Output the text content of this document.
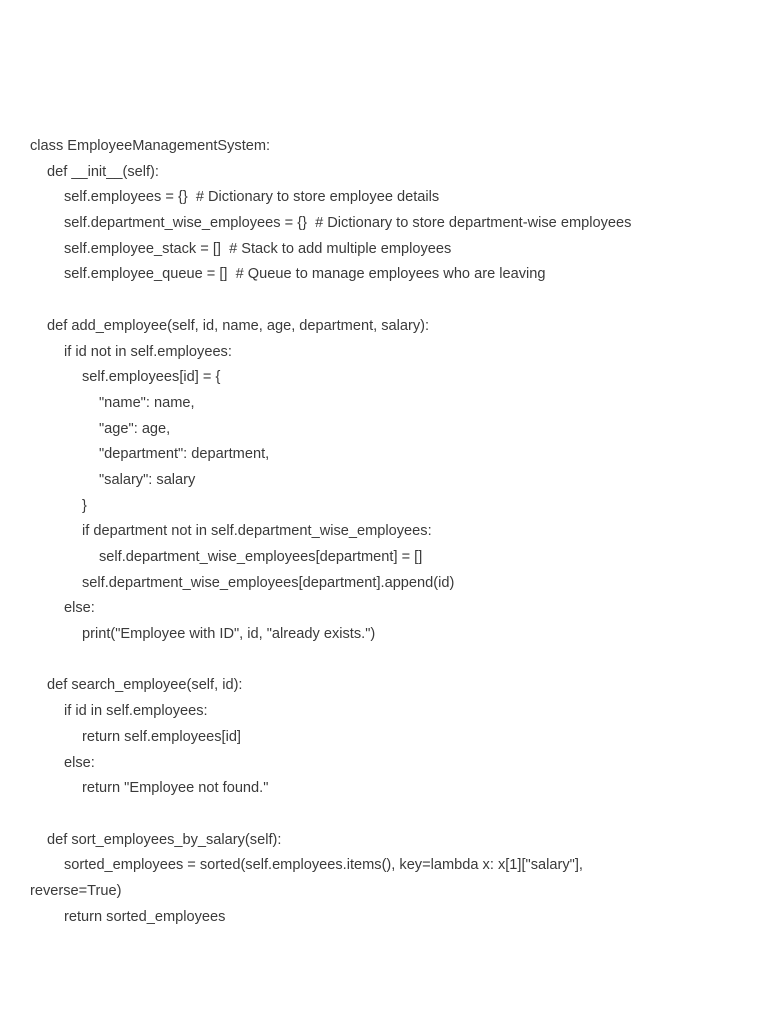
class EmployeeManagementSystem:
def __init__(self):
self.employees = {}  # Dictionary to store employee details
self.department_wise_employees = {}  # Dictionary to store department-wise employees
self.employee_stack = []  # Stack to add multiple employees
self.employee_queue = []  # Queue to manage employees who are leaving
def add_employee(self, id, name, age, department, salary):
if id not in self.employees:
self.employees[id] = {
"name": name,
"age": age,
"department": department,
"salary": salary
}
if department not in self.department_wise_employees:
self.department_wise_employees[department] = []
self.department_wise_employees[department].append(id)
else:
print("Employee with ID", id, "already exists.")
def search_employee(self, id):
if id in self.employees:
return self.employees[id]
else:
return "Employee not found."
def sort_employees_by_salary(self):
sorted_employees = sorted(self.employees.items(), key=lambda x: x[1]["salary"],
reverse=True)
return sorted_employees
